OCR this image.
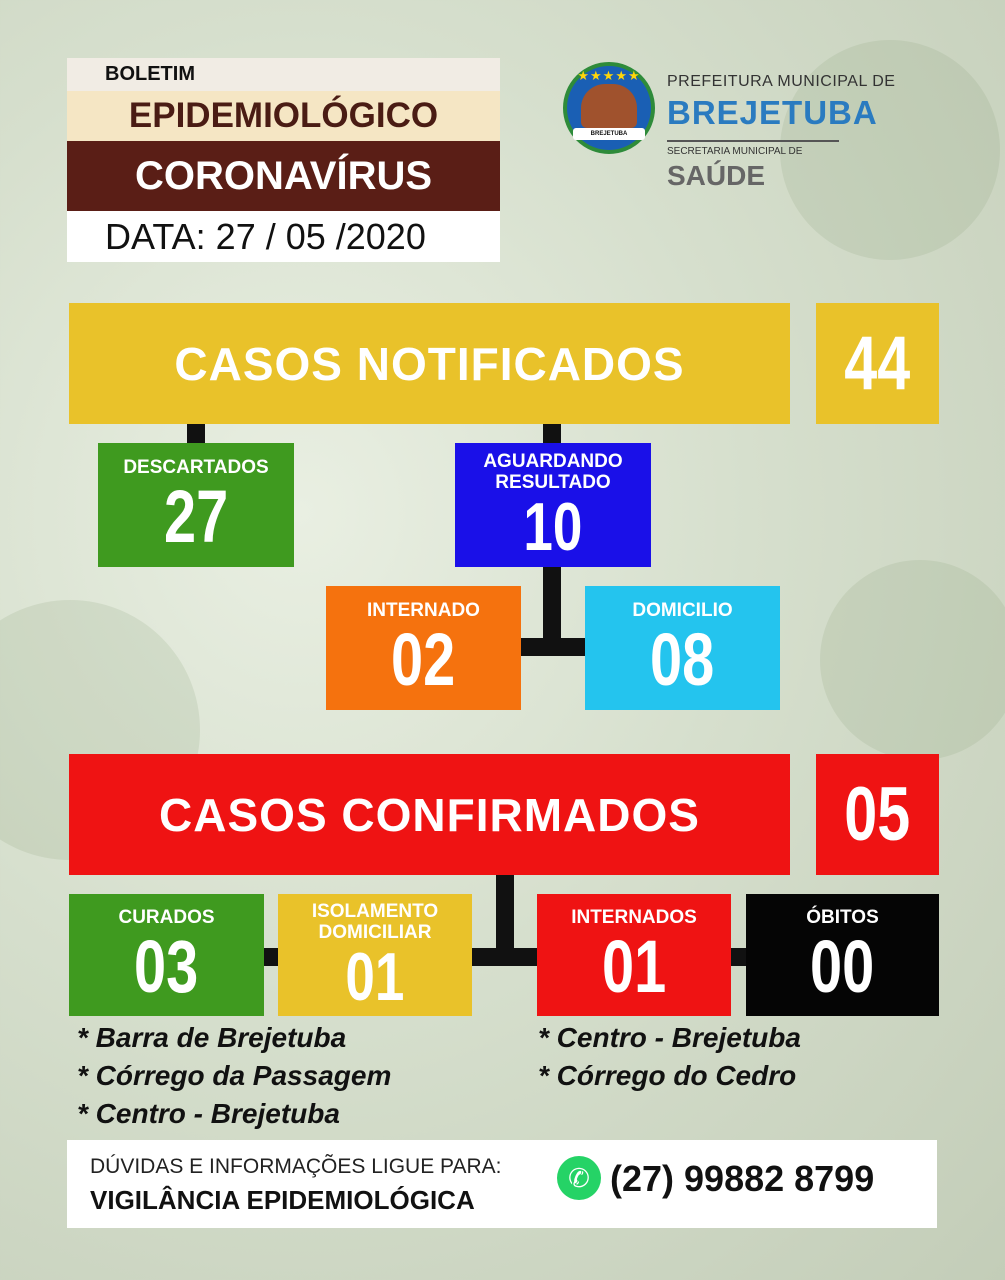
BOLETIM
EPIDEMIOLÓGICO
CORONAVÍRUS
DATA: 27 / 05 /2020
★★★★★
BREJETUBA
PREFEITURA MUNICIPAL DE
BREJETUBA
SECRETARIA MUNICIPAL DE
SAÚDE
CASOS NOTIFICADOS	44
DESCARTADOS
27
AGUARDANDO RESULTADO
10
INTERNADO
02
DOMICILIO
08
CASOS CONFIRMADOS	05
CURADOS
03
ISOLAMENTO DOMICILIAR
01
INTERNADOS
01
ÓBITOS
00
* Barra de Brejetuba
* Córrego da Passagem
* Centro - Brejetuba
* Centro - Brejetuba
* Córrego do Cedro
DÚVIDAS E INFORMAÇÕES LIGUE PARA:
VIGILÂNCIA EPIDEMIOLÓGICA
✆ (27) 99882 8799
